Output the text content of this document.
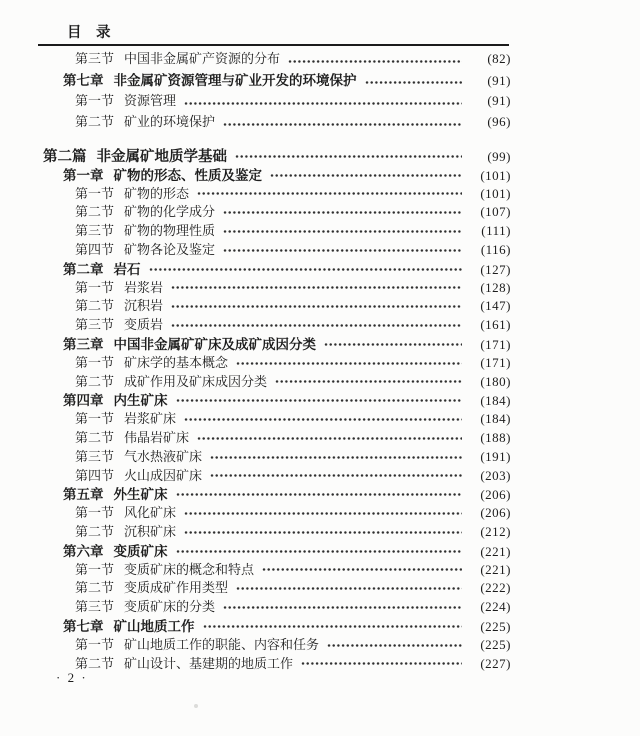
目　录
第三节 中国非金属矿产资源的分布	(82)
第七章 非金属矿资源管理与矿业开发的环境保护	(91)
第一节 资源管理	(91)
第二节 矿业的环境保护	(96)
第二篇 非金属矿地质学基础	(99)
第一章 矿物的形态、性质及鉴定	(101)
第一节 矿物的形态	(101)
第二节 矿物的化学成分	(107)
第三节 矿物的物理性质	(111)
第四节 矿物各论及鉴定	(116)
第二章 岩石	(127)
第一节 岩浆岩	(128)
第二节 沉积岩	(147)
第三节 变质岩	(161)
第三章 中国非金属矿矿床及成矿成因分类	(171)
第一节 矿床学的基本概念	(171)
第二节 成矿作用及矿床成因分类	(180)
第四章 内生矿床	(184)
第一节 岩浆矿床	(184)
第二节 伟晶岩矿床	(188)
第三节 气水热液矿床	(191)
第四节 火山成因矿床	(203)
第五章 外生矿床	(206)
第一节 风化矿床	(206)
第二节 沉积矿床	(212)
第六章 变质矿床	(221)
第一节 变质矿床的概念和特点	(221)
第二节 变质成矿作用类型	(222)
第三节 变质矿床的分类	(224)
第七章 矿山地质工作	(225)
第一节 矿山地质工作的职能、内容和任务	(225)
第二节 矿山设计、基建期的地质工作	(227)
· 2 ·
